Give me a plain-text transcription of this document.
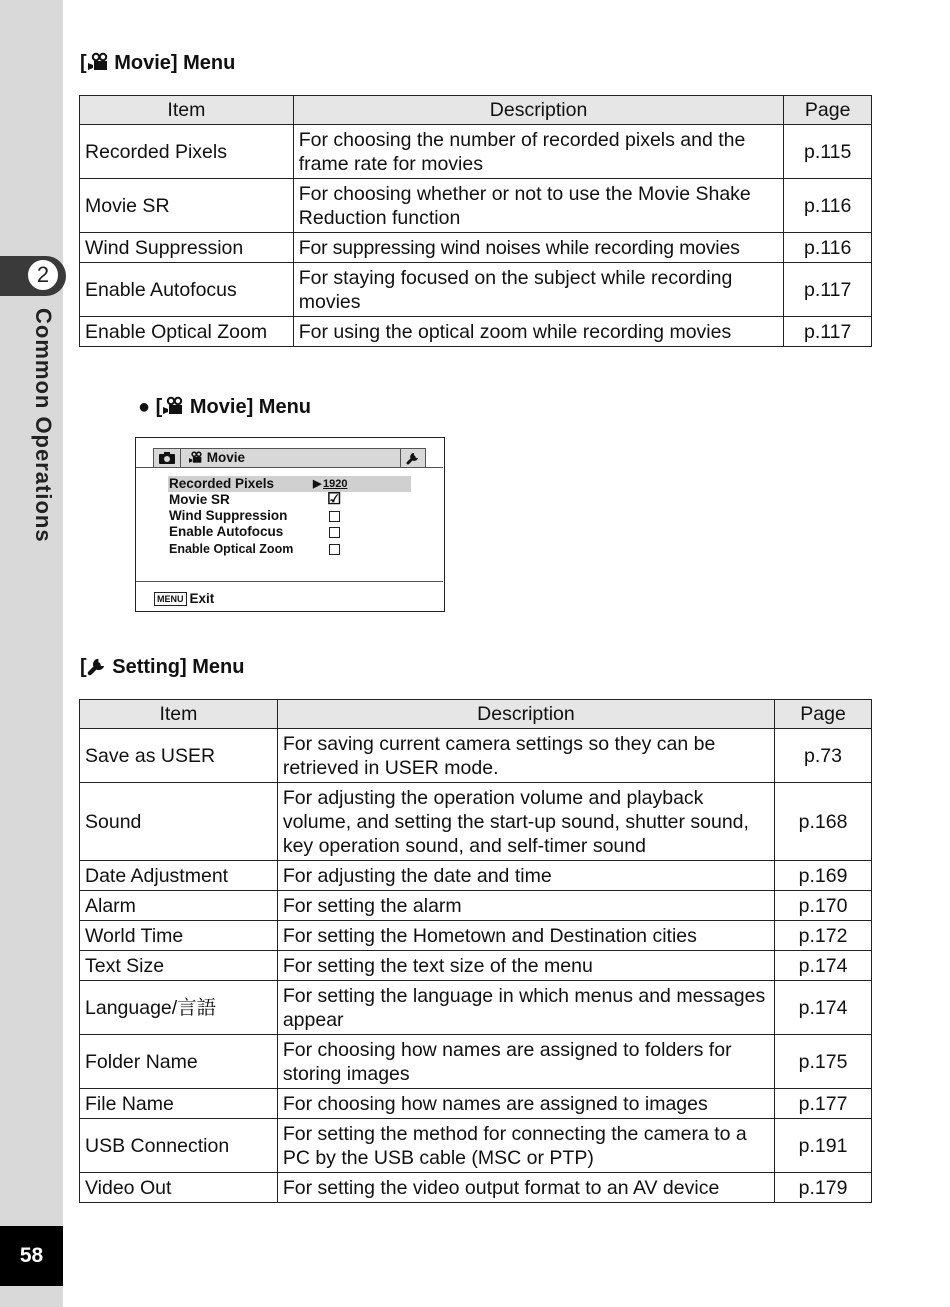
2
Common Operations
58
[ Movie] Menu
Item	Description	Page
Recorded Pixels	For choosing the number of recorded pixels and the frame rate for movies	p.115
Movie SR	For choosing whether or not to use the Movie Shake Reduction function	p.116
Wind Suppression	For suppressing wind noises while recording movies	p.116
Enable Autofocus	For staying focused on the subject while recording movies	p.117
Enable Optical Zoom	For using the optical zoom while recording movies	p.117
● [ Movie] Menu
Movie
Recorded Pixels	▶ 1920
Movie SR	☑
Wind Suppression
Enable Autofocus
Enable Optical Zoom
MENU Exit
[ Setting] Menu
Item	Description	Page
Save as USER	For saving current camera settings so they can be retrieved in USER mode.	p.73
Sound	For adjusting the operation volume and playback volume, and setting the start-up sound, shutter sound, key operation sound, and self-timer sound	p.168
Date Adjustment	For adjusting the date and time	p.169
Alarm	For setting the alarm	p.170
World Time	For setting the Hometown and Destination cities	p.172
Text Size	For setting the text size of the menu	p.174
Language/言語	For setting the language in which menus and messages appear	p.174
Folder Name	For choosing how names are assigned to folders for storing images	p.175
File Name	For choosing how names are assigned to images	p.177
USB Connection	For setting the method for connecting the camera to a PC by the USB cable (MSC or PTP)	p.191
Video Out	For setting the video output format to an AV device	p.179
